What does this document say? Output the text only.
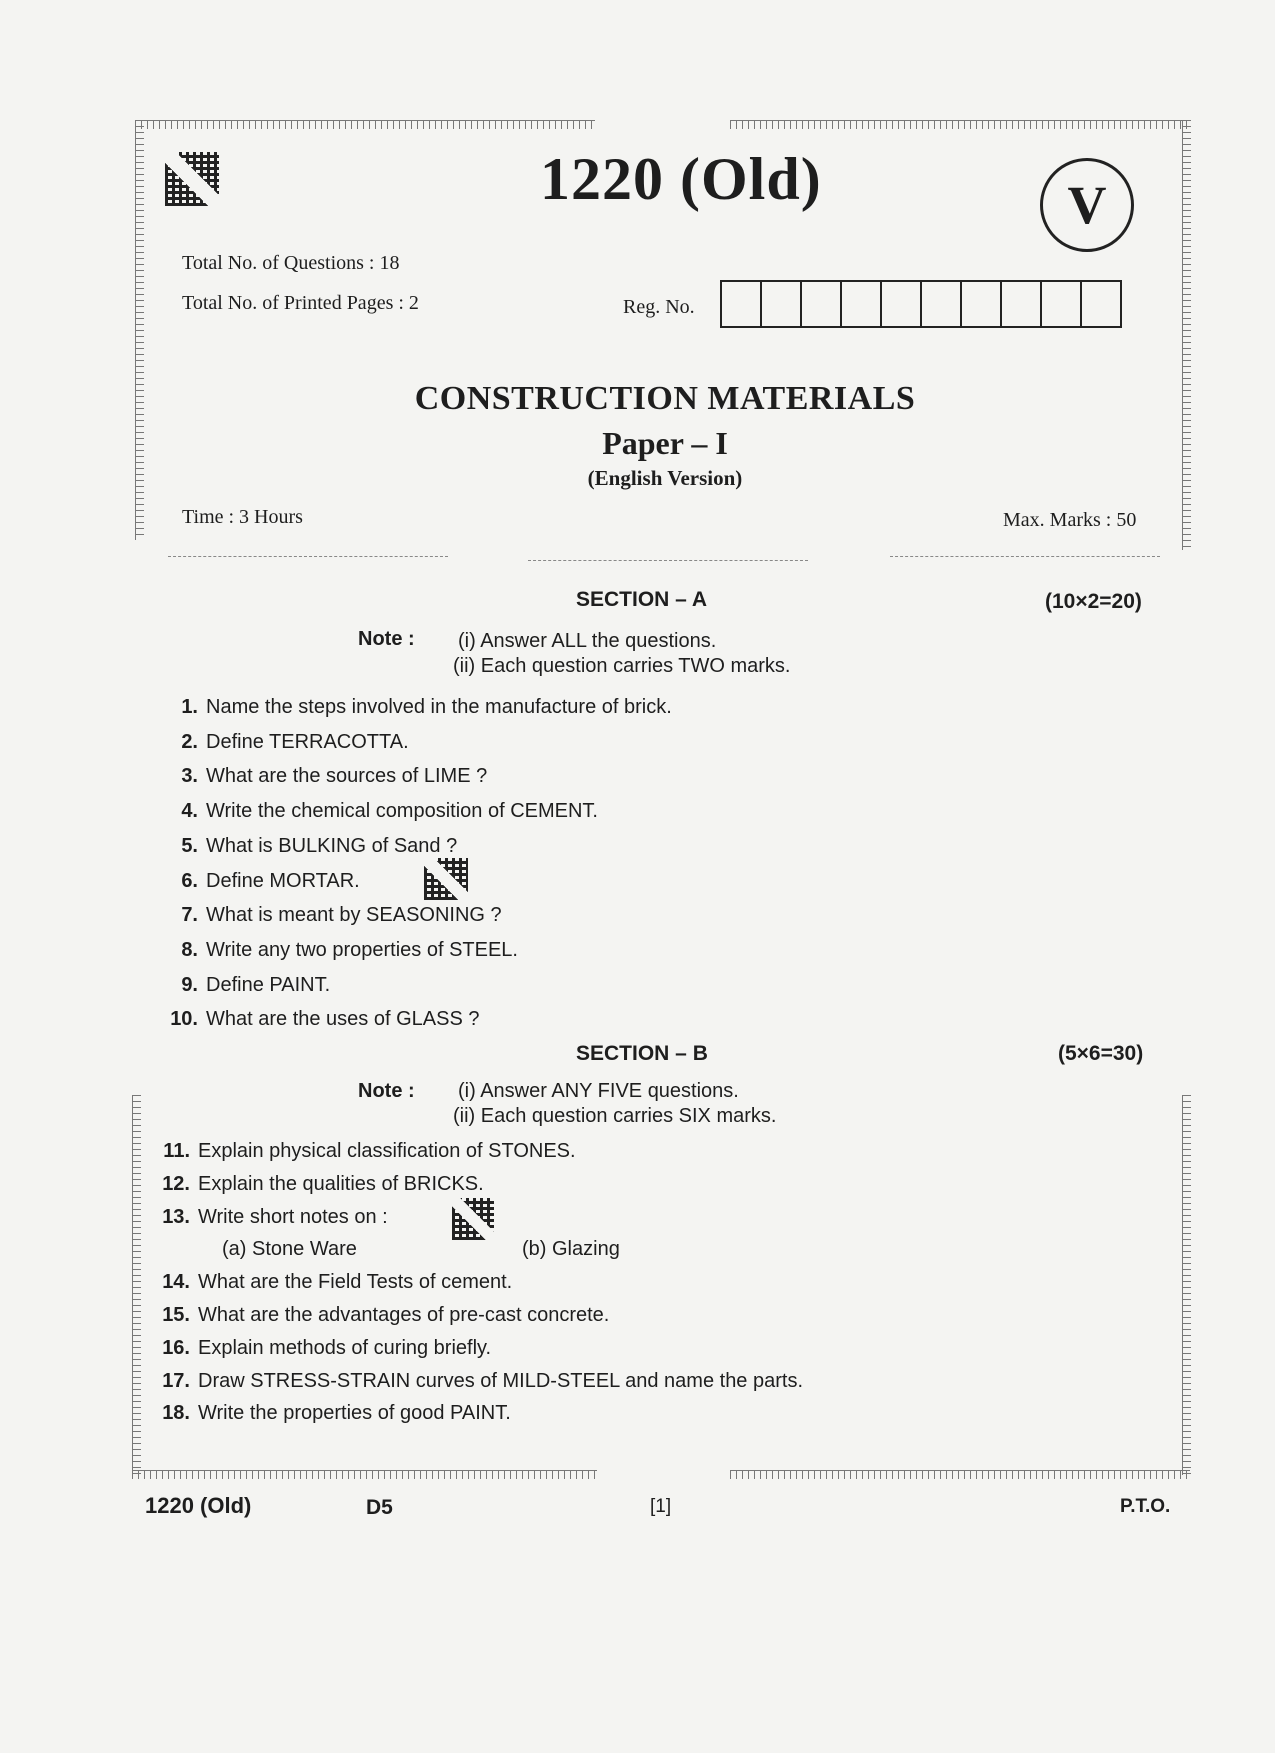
1220 (Old)	V
Total No. of Questions : 18
Total No. of Printed Pages : 2	Reg. No.
CONSTRUCTION MATERIALS
Paper – I
(English Version)
Time : 3 Hours	Max. Marks : 50
SECTION – A	(10×2=20)
Note : (i) Answer ALL the questions.
(ii) Each question carries TWO marks.
1. Name the steps involved in the manufacture of brick.
2. Define TERRACOTTA.
3. What are the sources of LIME ?
4. Write the chemical composition of CEMENT.
5. What is BULKING of Sand ?
6. Define MORTAR.
7. What is meant by SEASONING ?
8. Write any two properties of STEEL.
9. Define PAINT.
10. What are the uses of GLASS ?
SECTION – B	(5×6=30)
Note : (i) Answer ANY FIVE questions.
(ii) Each question carries SIX marks.
11. Explain physical classification of STONES.
12. Explain the qualities of BRICKS.
13. Write short notes on :
(a) Stone Ware	(b) Glazing
14. What are the Field Tests of cement.
15. What are the advantages of pre-cast concrete.
16. Explain methods of curing briefly.
17. Draw STRESS-STRAIN curves of MILD-STEEL and name the parts.
18. Write the properties of good PAINT.
1220 (Old)	D5	[1]	P.T.O.
